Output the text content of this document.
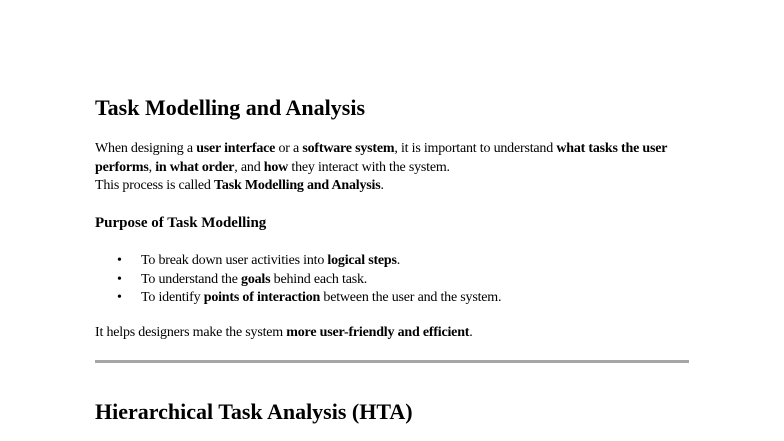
Task Modelling and Analysis

When designing a user interface or a software system, it is important to understand what tasks the user performs, in what order, and how they interact with the system.
This process is called Task Modelling and Analysis.

Purpose of Task Modelling
• To break down user activities into logical steps.
• To understand the goals behind each task.
• To identify points of interaction between the user and the system.

It helps designers make the system more user-friendly and efficient.

Hierarchical Task Analysis (HTA)
